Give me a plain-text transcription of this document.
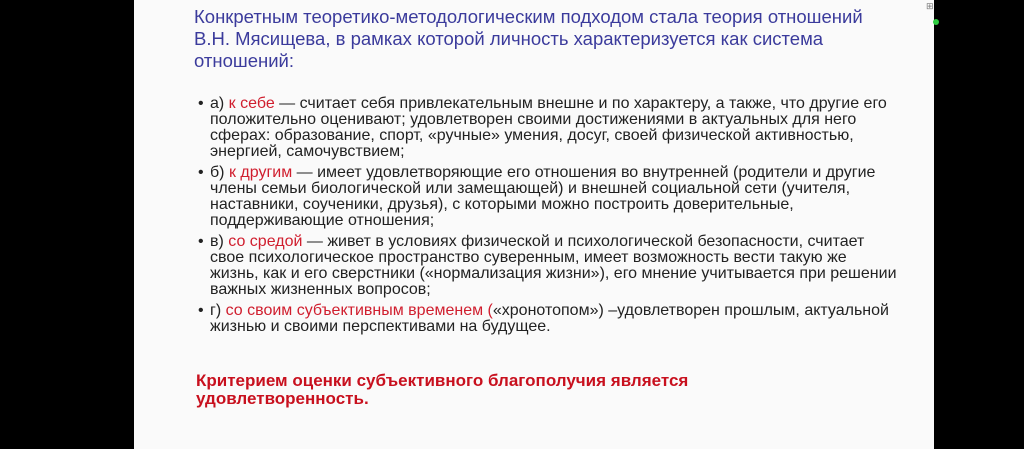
Конкретным теоретико-методологическим подходом стала теория отношений В.Н. Мясищева, в рамках которой личность характеризуется как система отношений:
• а) к себе — считает себя привлекательным внешне и по характеру, а также, что другие его положительно оценивают; удовлетворен своими достижениями в актуальных для него сферах: образование, спорт, «ручные» умения, досуг, своей физической активностью, энергией, самочувствием;
• б) к другим — имеет удовлетворяющие его отношения во внутренней (родители и другие члены семьи биологической или замещающей) и внешней социальной сети (учителя, наставники, соученики, друзья), с которыми можно построить доверительные, поддерживающие отношения;
• в) со средой — живет в условиях физической и психологической безопасности, считает свое психологическое пространство суверенным, имеет возможность вести такую же жизнь, как и его сверстники («нормализация жизни»), его мнение учитывается при решении важных жизненных вопросов;
• г) со своим субъективным временем («хронотопом») –удовлетворен прошлым, актуальной жизнью и своими перспективами на будущее.
Критерием оценки субъективного благополучия является удовлетворенность.
⊞
